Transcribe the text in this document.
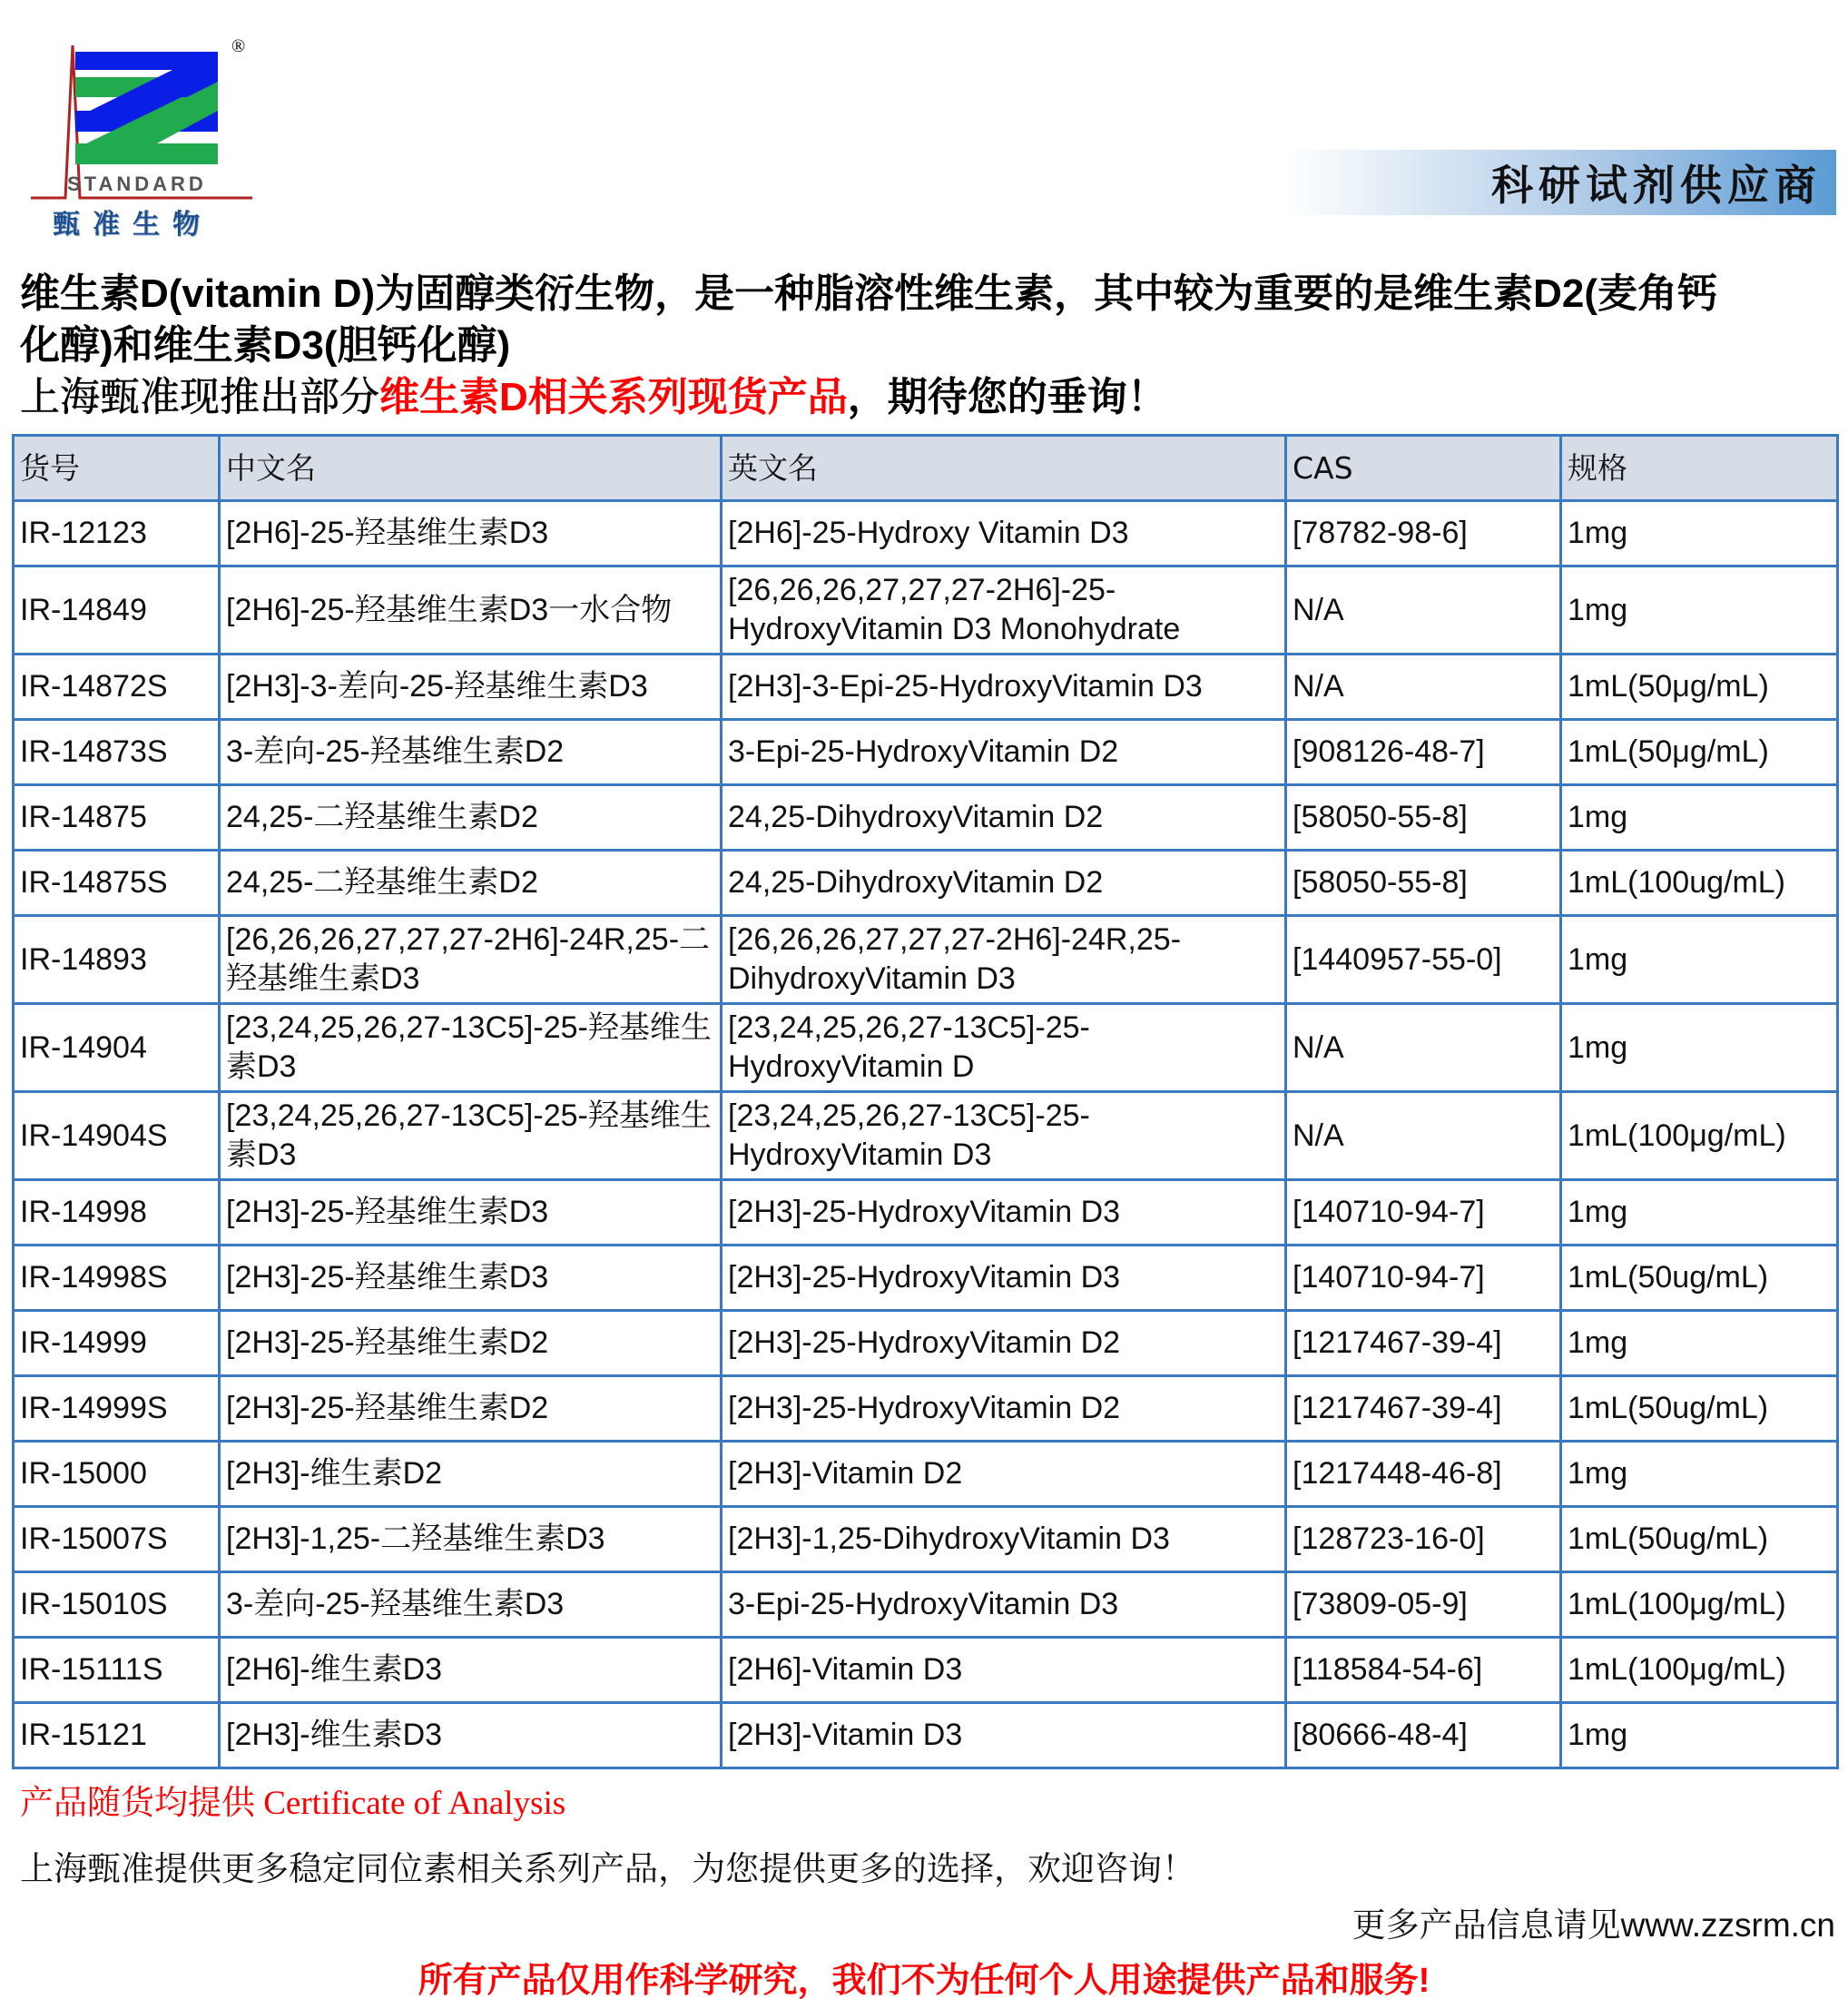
®
STANDARD
甄准生物
科研试剂供应商
维生素D(vitamin D)为固醇类衍生物，是一种脂溶性维生素，其中较为重要的是维生素D2(麦角钙
化醇)和维生素D3(胆钙化醇)
上海甄准现推出部分维生素D相关系列现货产品，期待您的垂询！
货号	中文名	英文名	CAS	规格
IR-12123	[2H6]-25-羟基维生素D3	[2H6]-25-Hydroxy Vitamin D3	[78782-98-6]	1mg
IR-14849	[2H6]-25-羟基维生素D3一水合物	[26,26,26,27,27,27-2H6]-25-HydroxyVitamin D3 Monohydrate	N/A	1mg
IR-14872S	[2H3]-3-差向-25-羟基维生素D3	[2H3]-3-Epi-25-HydroxyVitamin D3	N/A	1mL(50μg/mL)
IR-14873S	3-差向-25-羟基维生素D2	3-Epi-25-HydroxyVitamin D2	[908126-48-7]	1mL(50μg/mL)
IR-14875	24,25-二羟基维生素D2	24,25-DihydroxyVitamin D2	[58050-55-8]	1mg
IR-14875S	24,25-二羟基维生素D2	24,25-DihydroxyVitamin D2	[58050-55-8]	1mL(100ug/mL)
IR-14893	[26,26,26,27,27,27-2H6]-24R,25-二羟基维生素D3	[26,26,26,27,27,27-2H6]-24R,25-DihydroxyVitamin D3	[1440957-55-0]	1mg
IR-14904	[23,24,25,26,27-13C5]-25-羟基维生素D3	[23,24,25,26,27-13C5]-25-HydroxyVitamin D	N/A	1mg
IR-14904S	[23,24,25,26,27-13C5]-25-羟基维生素D3	[23,24,25,26,27-13C5]-25-HydroxyVitamin D3	N/A	1mL(100μg/mL)
IR-14998	[2H3]-25-羟基维生素D3	[2H3]-25-HydroxyVitamin D3	[140710-94-7]	1mg
IR-14998S	[2H3]-25-羟基维生素D3	[2H3]-25-HydroxyVitamin D3	[140710-94-7]	1mL(50ug/mL)
IR-14999	[2H3]-25-羟基维生素D2	[2H3]-25-HydroxyVitamin D2	[1217467-39-4]	1mg
IR-14999S	[2H3]-25-羟基维生素D2	[2H3]-25-HydroxyVitamin D2	[1217467-39-4]	1mL(50ug/mL)
IR-15000	[2H3]-维生素D2	[2H3]-Vitamin D2	[1217448-46-8]	1mg
IR-15007S	[2H3]-1,25-二羟基维生素D3	[2H3]-1,25-DihydroxyVitamin D3	[128723-16-0]	1mL(50ug/mL)
IR-15010S	3-差向-25-羟基维生素D3	3-Epi-25-HydroxyVitamin D3	[73809-05-9]	1mL(100μg/mL)
IR-15111S	[2H6]-维生素D3	[2H6]-Vitamin D3	[118584-54-6]	1mL(100μg/mL)
IR-15121	[2H3]-维生素D3	[2H3]-Vitamin D3	[80666-48-4]	1mg
产品随货均提供 Certificate of Analysis
上海甄准提供更多稳定同位素相关系列产品，为您提供更多的选择，欢迎咨询！
更多产品信息请见www.zzsrm.cn
所有产品仅用作科学研究，我们不为任何个人用途提供产品和服务!
